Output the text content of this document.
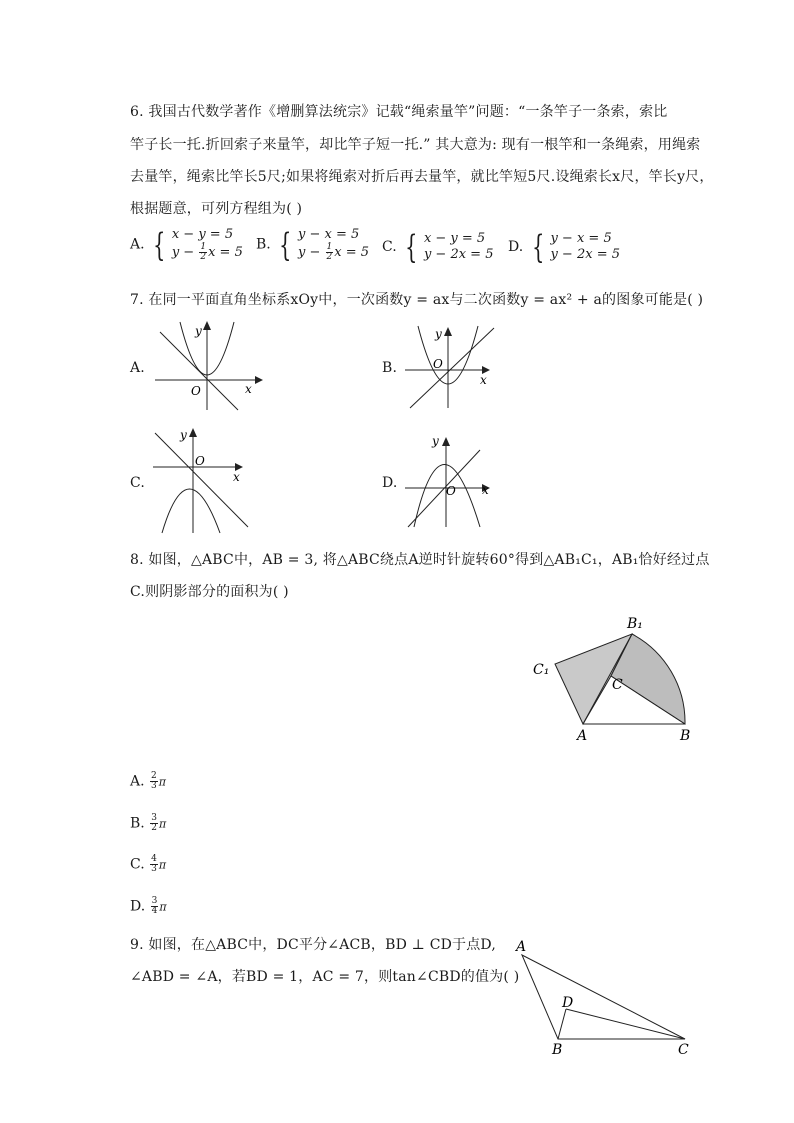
6. 我国古代数学著作《增删算法统宗》记载“绳索量竿”问题：“一条竿子一条索，索比
竿子长一托.折回索子来量竿，却比竿子短一托.” 其大意为: 现有一根竿和一条绳索，用绳索
去量竿，绳索比竿长5尺;如果将绳索对折后再去量竿，就比竿短5尺.设绳索长x尺，竿长y尺，
根据题意，可列方程组为( )
A. { x − y = 5
$y - \frac{1}{2}$ x = 5 B. { y − x = 5
$y - \frac{1}{2}$ x = 5 C. { x − y = 5
y − 2x = 5 D. { y − x = 5
y − 2x = 5
7. 在同一平面直角坐标系xOy中，一次函数y = ax与二次函数y = ax² + a的图象可能是( )
A.
y
O	x
B.
y
O
x
C.
y
O
x	D.
y
O x
8. 如图，△ABC中，AB = 3, 将△ABC绕点A逆时针旋转60°得到△AB₁C₁，AB₁恰好经过点
C.则阴影部分的面积为( )
B₁
C₁
C
A	B
A. $\frac{2}{3}$ π
B. $\frac{3}{2}$ π
C. $\frac{4}{3}$ π
D. $\frac{3}{4}$ π
9. 如图，在△ABC中，DC平分∠ACB，BD ⊥ CD于点D,
∠ABD = ∠A，若BD = 1，AC = 7，则tan∠CBD的值为( )
A
D
B	C
